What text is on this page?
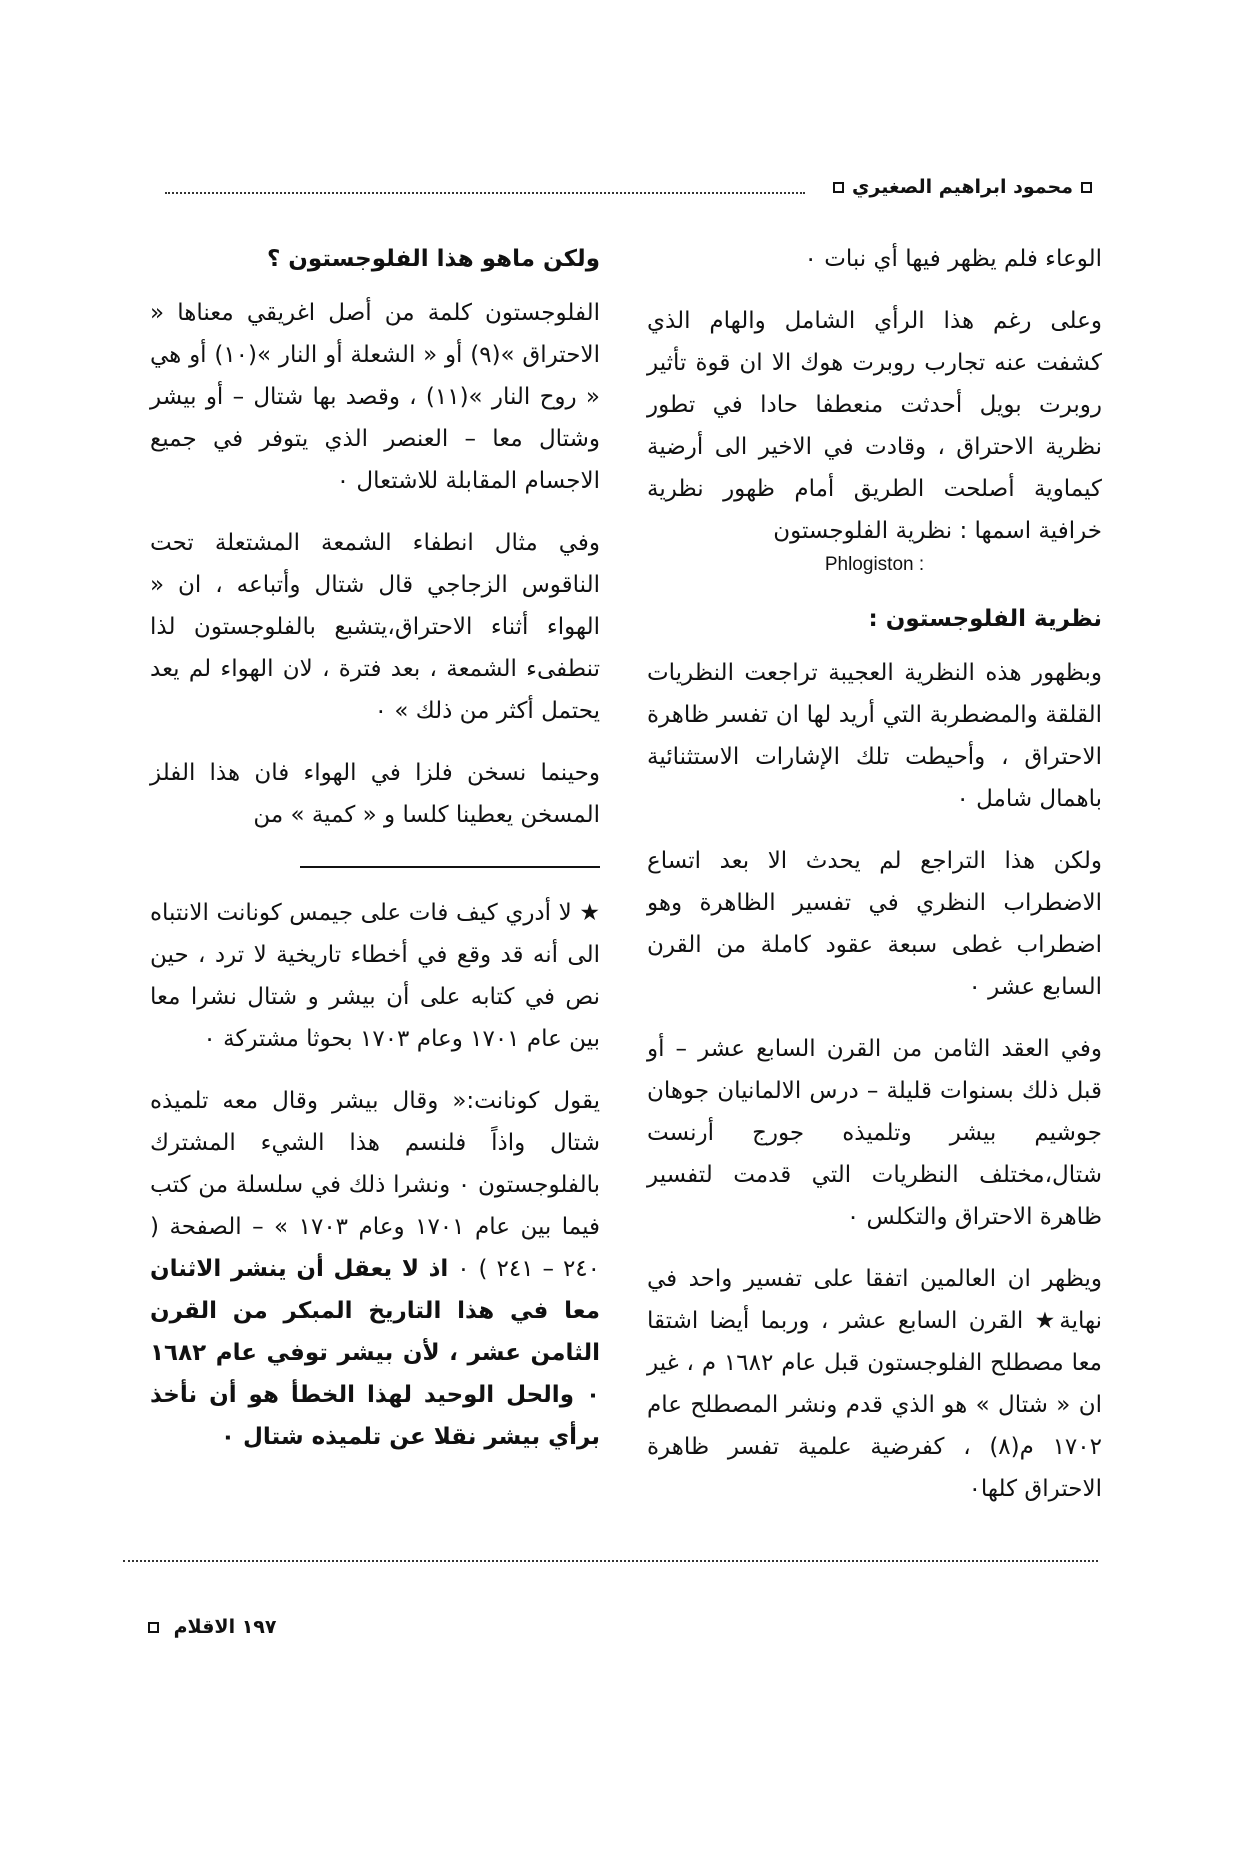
محمود ابراهيم الصغيري

الوعاء فلم يظهر فيها أي نبات ٠

وعلى رغم هذا الرأي الشامل والهام الذي كشفت عنه تجارب روبرت هوك الا ان قوة تأثير روبرت بويل أحدثت منعطفا حادا في تطور نظرية الاحتراق ، وقادت في الاخير الى أرضية كيماوية أصلحت الطريق أمام ظهور نظرية خرافية اسمها : نظرية الفلوجستون
Phlogiston :

نظرية الفلوجستون :

وبظهور هذه النظرية العجيبة تراجعت النظريات القلقة والمضطربة التي أريد لها ان تفسر ظاهرة الاحتراق ، وأحيطت تلك الإشارات الاستثنائية باهمال شامل ٠

ولكن هذا التراجع لم يحدث الا بعد اتساع الاضطراب النظري في تفسير الظاهرة وهو اضطراب غطى سبعة عقود كاملة من القرن السابع عشر ٠

وفي العقد الثامن من القرن السابع عشر – أو قبل ذلك بسنوات قليلة – درس الالمانيان جوهان جوشيم بيشر وتلميذه جورج أرنست شتال،مختلف النظريات التي قدمت لتفسير ظاهرة الاحتراق والتكلس ٠

ويظهر ان العالمين اتفقا على تفسير واحد في نهاية★ القرن السابع عشر ، وربما أيضا اشتقا معا مصطلح الفلوجستون قبل عام ١٦٨٢ م ، غير ان « شتال » هو الذي قدم ونشر المصطلح عام ١٧٠٢ م(٨) ، كفرضية علمية تفسر ظاهرة الاحتراق كلها٠

ولكن ماهو هذا الفلوجستون ؟

الفلوجستون كلمة من أصل اغريقي معناها « الاحتراق »(٩) أو « الشعلة أو النار »(١٠) أو هي « روح النار »(١١) ، وقصد بها شتال – أو بيشر وشتال معا – العنصر الذي يتوفر في جميع الاجسام المقابلة للاشتعال ٠

وفي مثال انطفاء الشمعة المشتعلة تحت الناقوس الزجاجي قال شتال وأتباعه ، ان « الهواء أثناء الاحتراق،يتشبع بالفلوجستون لذا تنطفىء الشمعة ، بعد فترة ، لان الهواء لم يعد يحتمل أكثر من ذلك » ٠

وحينما نسخن فلزا في الهواء فان هذا الفلز المسخن يعطينا كلسا و « كمية » من

★ لا أدري كيف فات على جيمس كونانت الانتباه الى أنه قد وقع في أخطاء تاريخية لا ترد ، حين نص في كتابه على أن بيشر و شتال نشرا معا بين عام ١٧٠١ وعام ١٧٠٣ بحوثا مشتركة ٠

يقول كونانت:« وقال بيشر وقال معه تلميذه شتال واذاً فلنسم هذا الشيء المشترك بالفلوجستون ٠ ونشرا ذلك في سلسلة من كتب فيما بين عام ١٧٠١ وعام ١٧٠٣ » – الصفحة ( ٢٤٠ – ٢٤١ ) ٠ اذ لا يعقل أن ينشر الاثنان معا في هذا التاريخ المبكر من القرن الثامن عشر ، لأن بيشر توفي عام ١٦٨٢ ٠ والحل الوحيد لهذا الخطأ هو أن نأخذ برأي بيشر نقلا عن تلميذه شتال ٠

١٩٧ الاقلام
